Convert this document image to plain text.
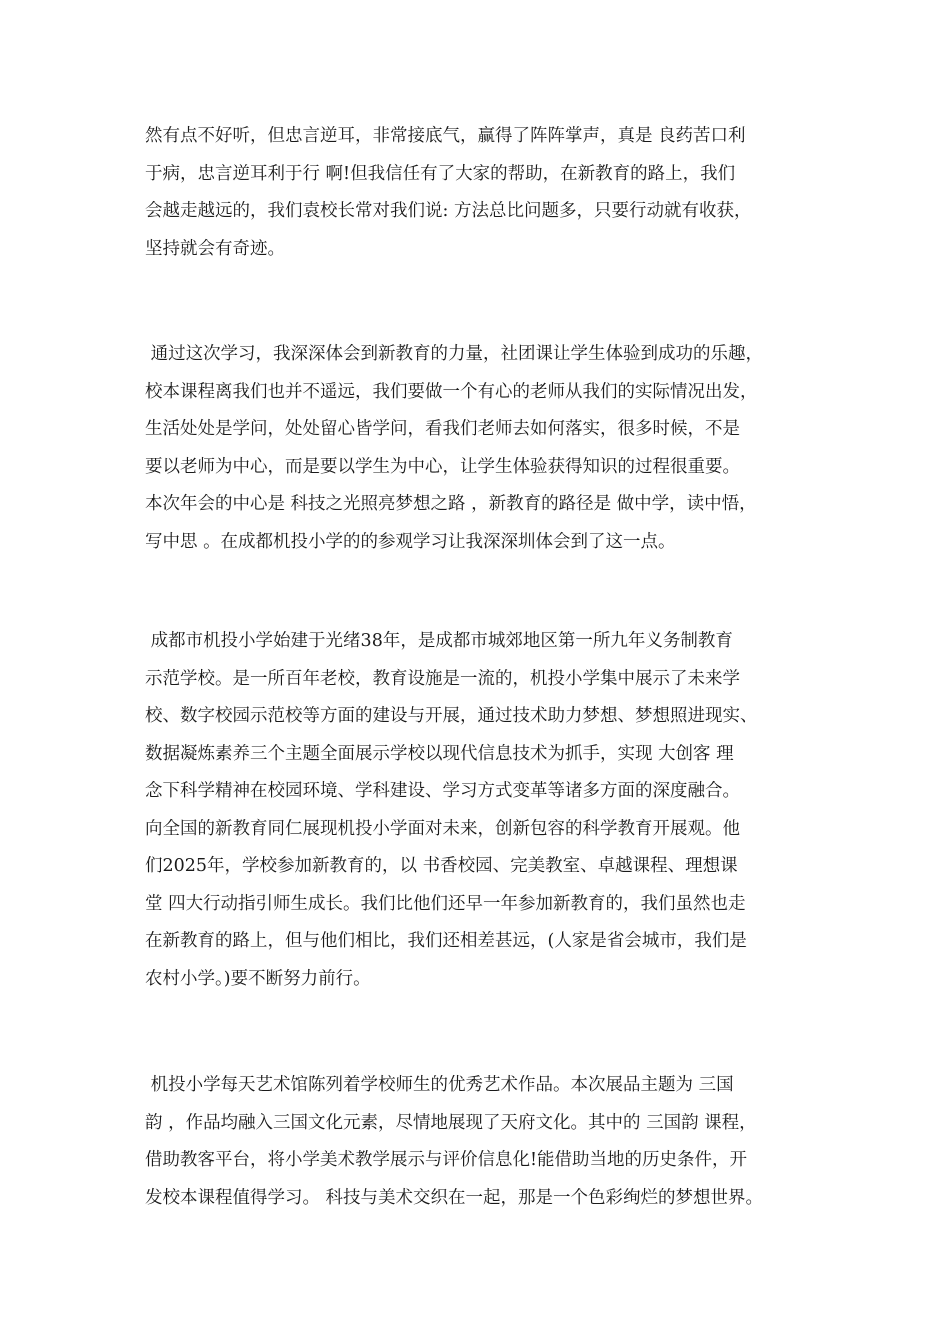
然有点不好听，但忠言逆耳，非常接底气，赢得了阵阵掌声，真是 良药苦口利
于病，忠言逆耳利于行 啊!但我信任有了大家的帮助，在新教育的路上，我们
会越走越远的，我们袁校长常对我们说: 方法总比问题多，只要行动就有收获，
坚持就会有奇迹。
通过这次学习，我深深体会到新教育的力量，社团课让学生体验到成功的乐趣，
校本课程离我们也并不遥远，我们要做一个有心的老师从我们的实际情况出发，
生活处处是学问，处处留心皆学问，看我们老师去如何落实，很多时候，不是
要以老师为中心，而是要以学生为中心，让学生体验获得知识的过程很重要。
本次年会的中心是 科技之光照亮梦想之路 ，新教育的路径是 做中学，读中悟，
写中思 。在成都机投小学的的参观学习让我深深圳体会到了这一点。
成都市机投小学始建于光绪38年，是成都市城郊地区第一所九年义务制教育
示范学校。是一所百年老校，教育设施是一流的，机投小学集中展示了未来学
校、数字校园示范校等方面的建设与开展，通过技术助力梦想、梦想照进现实、
数据凝炼素养三个主题全面展示学校以现代信息技术为抓手，实现 大创客 理
念下科学精神在校园环境、学科建设、学习方式变革等诸多方面的深度融合。
向全国的新教育同仁展现机投小学面对未来，创新包容的科学教育开展观。他
们2025年，学校参加新教育的，以 书香校园、完美教室、卓越课程、理想课
堂 四大行动指引师生成长。我们比他们还早一年参加新教育的，我们虽然也走
在新教育的路上，但与他们相比，我们还相差甚远，(人家是省会城市，我们是
农村小学。)要不断努力前行。
机投小学每天艺术馆陈列着学校师生的优秀艺术作品。本次展品主题为 三国
韵 ，作品均融入三国文化元素，尽情地展现了天府文化。其中的 三国韵 课程，
借助教客平台，将小学美术教学展示与评价信息化!能借助当地的历史条件，开
发校本课程值得学习。 科技与美术交织在一起，那是一个色彩绚烂的梦想世界。
